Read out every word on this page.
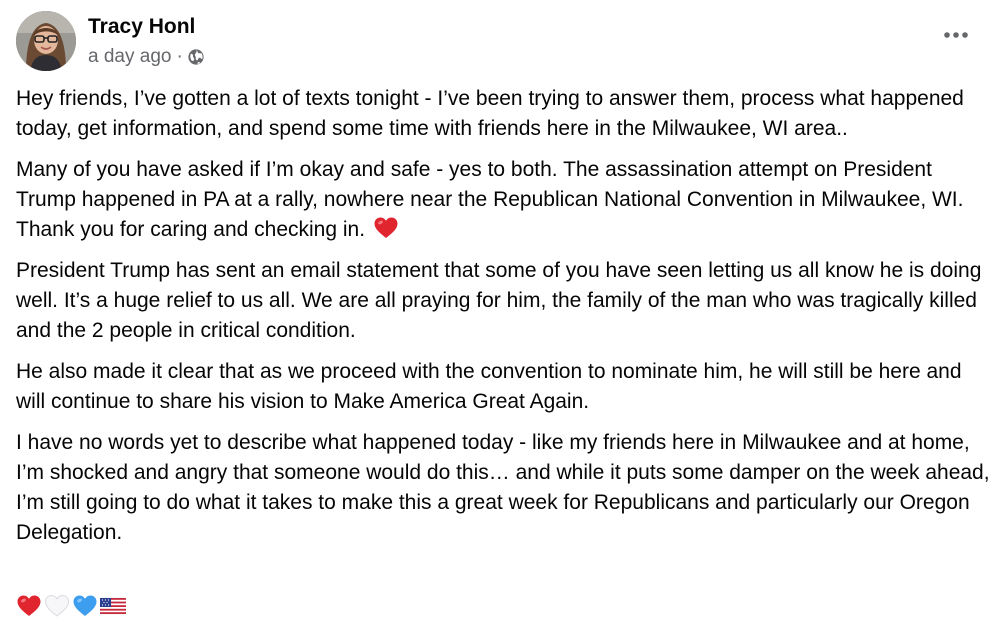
Tracy Honl
a day ago ·

Hey friends, I’ve gotten a lot of texts tonight - I’ve been trying to answer them, process what happened today, get information, and spend some time with friends here in the Milwaukee, WI area..

Many of you have asked if I’m okay and safe - yes to both. The assassination attempt on President Trump happened in PA at a rally, nowhere near the Republican National Convention in Milwaukee, WI.  Thank you for caring and checking in.

President Trump has sent an email statement that some of you have seen letting us all know he is doing well. It’s a huge relief to us all. We are all praying for him, the family of the man who was tragically killed and the 2 people in critical condition.

He also made it clear that as we proceed with the convention to nominate him, he will still be here and will continue to share his vision to Make America Great Again.

I have no words yet to describe what happened today - like my friends here in Milwaukee and at home, I’m shocked and angry that someone would do this… and while it puts some damper on the week ahead, I’m still going to do what it takes to make this a great week for Republicans and particularly our Oregon Delegation.
